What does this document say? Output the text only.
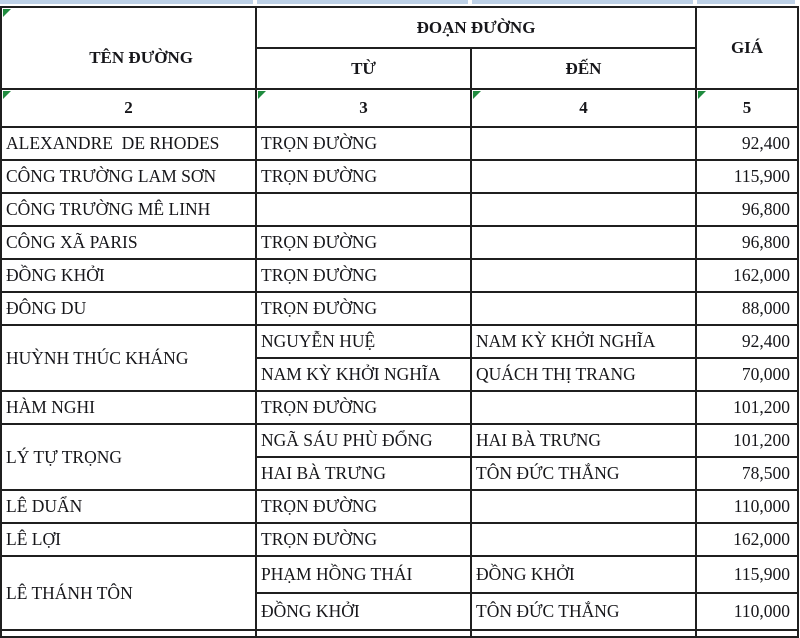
TÊN ĐƯỜNG	ĐOẠN ĐƯỜNG		GIÁ
	TỪ	ĐẾN	

2	3	4	5
ALEXANDRE  DE RHODES	TRỌN ĐƯỜNG		92,400
CÔNG TRƯỜNG LAM SƠN	TRỌN ĐƯỜNG		115,900
CÔNG TRƯỜNG MÊ LINH			96,800
CÔNG XÃ PARIS	TRỌN ĐƯỜNG		96,800
ĐỒNG KHỞI	TRỌN ĐƯỜNG		162,000
ĐÔNG DU	TRỌN ĐƯỜNG		88,000
HUỲNH THÚC KHÁNG	NGUYỄN HUỆ	NAM KỲ KHỞI NGHĨA	92,400
	NAM KỲ KHỞI NGHĨA	QUÁCH THỊ TRANG	70,000
HÀM NGHI	TRỌN ĐƯỜNG		101,200
LÝ TỰ TRỌNG	NGÃ SÁU PHÙ ĐỔNG	HAI BÀ TRƯNG	101,200
	HAI BÀ TRƯNG	TÔN ĐỨC THẮNG	78,500
LÊ DUẨN	TRỌN ĐƯỜNG		110,000
LÊ LỢI	TRỌN ĐƯỜNG		162,000
LÊ THÁNH TÔN	PHẠM HỒNG THÁI	ĐỒNG KHỞI	115,900
	ĐỒNG KHỞI	TÔN ĐỨC THẮNG	110,000
